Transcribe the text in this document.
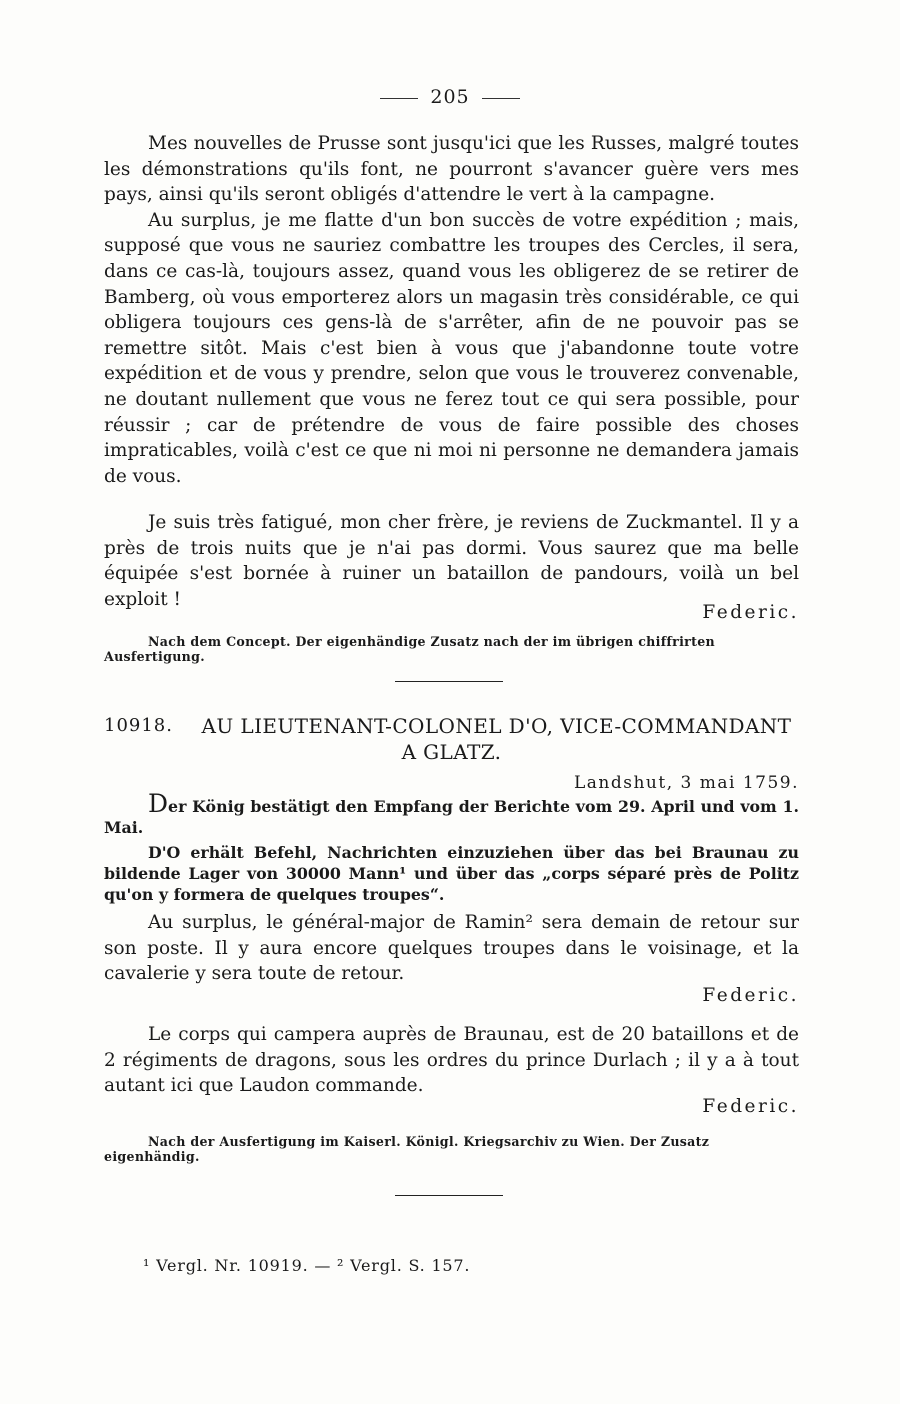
205

Mes nouvelles de Prusse sont jusqu'ici que les Russes, malgré toutes les démonstrations qu'ils font, ne pourront s'avancer guère vers mes pays, ainsi qu'ils seront obligés d'attendre le vert à la campagne.

Au surplus, je me flatte d'un bon succès de votre expédition ; mais, supposé que vous ne sauriez combattre les troupes des Cercles, il sera, dans ce cas-là, toujours assez, quand vous les obligerez de se retirer de Bamberg, où vous emporterez alors un magasin très considérable, ce qui obligera toujours ces gens-là de s'arrêter, afin de ne pouvoir pas se remettre sitôt. Mais c'est bien à vous que j'abandonne toute votre expédition et de vous y prendre, selon que vous le trouverez convenable, ne doutant nullement que vous ne ferez tout ce qui sera possible, pour réussir ; car de prétendre de vous de faire possible des choses impraticables, voilà c'est ce que ni moi ni personne ne demandera jamais de vous.

Je suis très fatigué, mon cher frère, je reviens de Zuckmantel. Il y a près de trois nuits que je n'ai pas dormi. Vous saurez que ma belle équipée s'est bornée à ruiner un bataillon de pandours, voilà un bel exploit !

Federic.
Nach dem Concept. Der eigenhändige Zusatz nach der im übrigen chiffrirten Ausfertigung.
10918.	AU LIEUTENANT-COLONEL D'O, VICE-COMMANDANT
A GLATZ.
Landshut, 3 mai 1759.

Der König bestätigt den Empfang der Berichte vom 29. April und vom 1. Mai.

D'O erhält Befehl, Nachrichten einzuziehen über das bei Braunau zu bildende Lager von 30000 Mann¹ und über das „corps séparé près de Politz qu'on y formera de quelques troupes“.

Au surplus, le général-major de Ramin² sera demain de retour sur son poste. Il y aura encore quelques troupes dans le voisinage, et la cavalerie y sera toute de retour.

Federic.

Le corps qui campera auprès de Braunau, est de 20 bataillons et de 2 régiments de dragons, sous les ordres du prince Durlach ; il y a à tout autant ici que Laudon commande.

Federic.
Nach der Ausfertigung im Kaiserl. Königl. Kriegsarchiv zu Wien. Der Zusatz eigenhändig.
¹ Vergl. Nr. 10919. — ² Vergl. S. 157.
